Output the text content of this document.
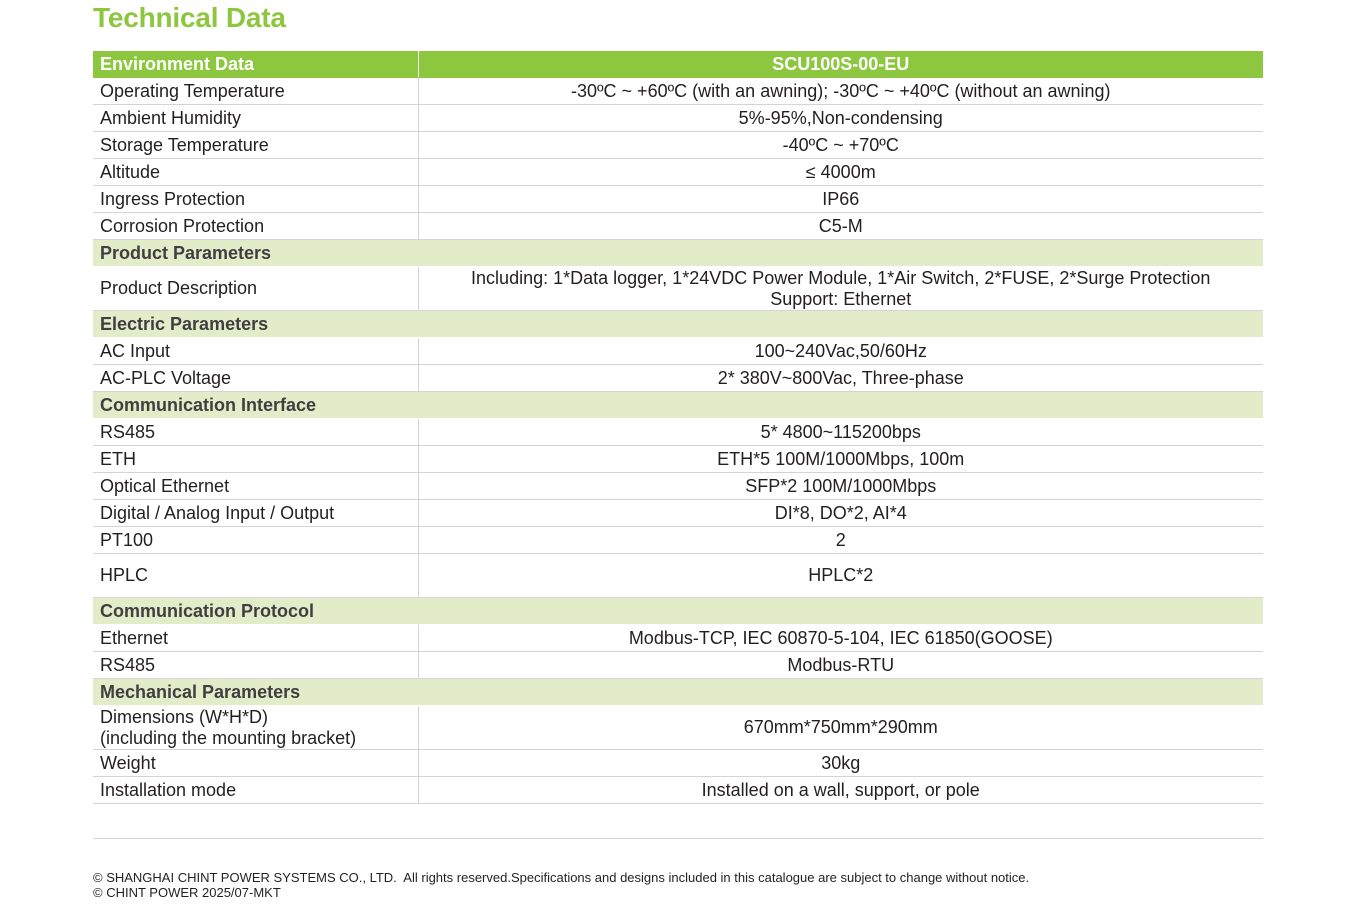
Technical Data
Environment Data	SCU100S-00-EU
Operating Temperature	-30ºC ~ +60ºC (with an awning); -30ºC ~ +40ºC (without an awning)
Ambient Humidity	5%-95%,Non-condensing
Storage Temperature	-40ºC ~ +70ºC
Altitude	≤ 4000m
Ingress Protection	IP66
Corrosion Protection	C5-M
Product Parameters	
Product Description	Including: 1*Data logger, 1*24VDC Power Module, 1*Air Switch, 2*FUSE, 2*Surge Protection
Support: Ethernet

Electric Parameters	
AC Input	100~240Vac,50/60Hz
AC-PLC Voltage	2* 380V~800Vac, Three-phase
Communication Interface	
RS485	5* 4800~115200bps
ETH	ETH*5 100M/1000Mbps, 100m
Optical Ethernet	SFP*2 100M/1000Mbps
Digital / Analog Input / Output	DI*8, DO*2, AI*4
PT100	2
HPLC	HPLC*2
Communication Protocol	
Ethernet	Modbus-TCP, IEC 60870-5-104, IEC 61850(GOOSE)
RS485	Modbus-RTU
Mechanical Parameters	

Dimensions (W*H*D)
(including the mounting bracket)	670mm*750mm*290mm
Weight	30kg
Installation mode	Installed on a wall, support, or pole
© SHANGHAI CHINT POWER SYSTEMS CO., LTD.  All rights reserved.Specifications and designs included in this catalogue are subject to change without notice.
© CHINT POWER 2025/07-MKT
